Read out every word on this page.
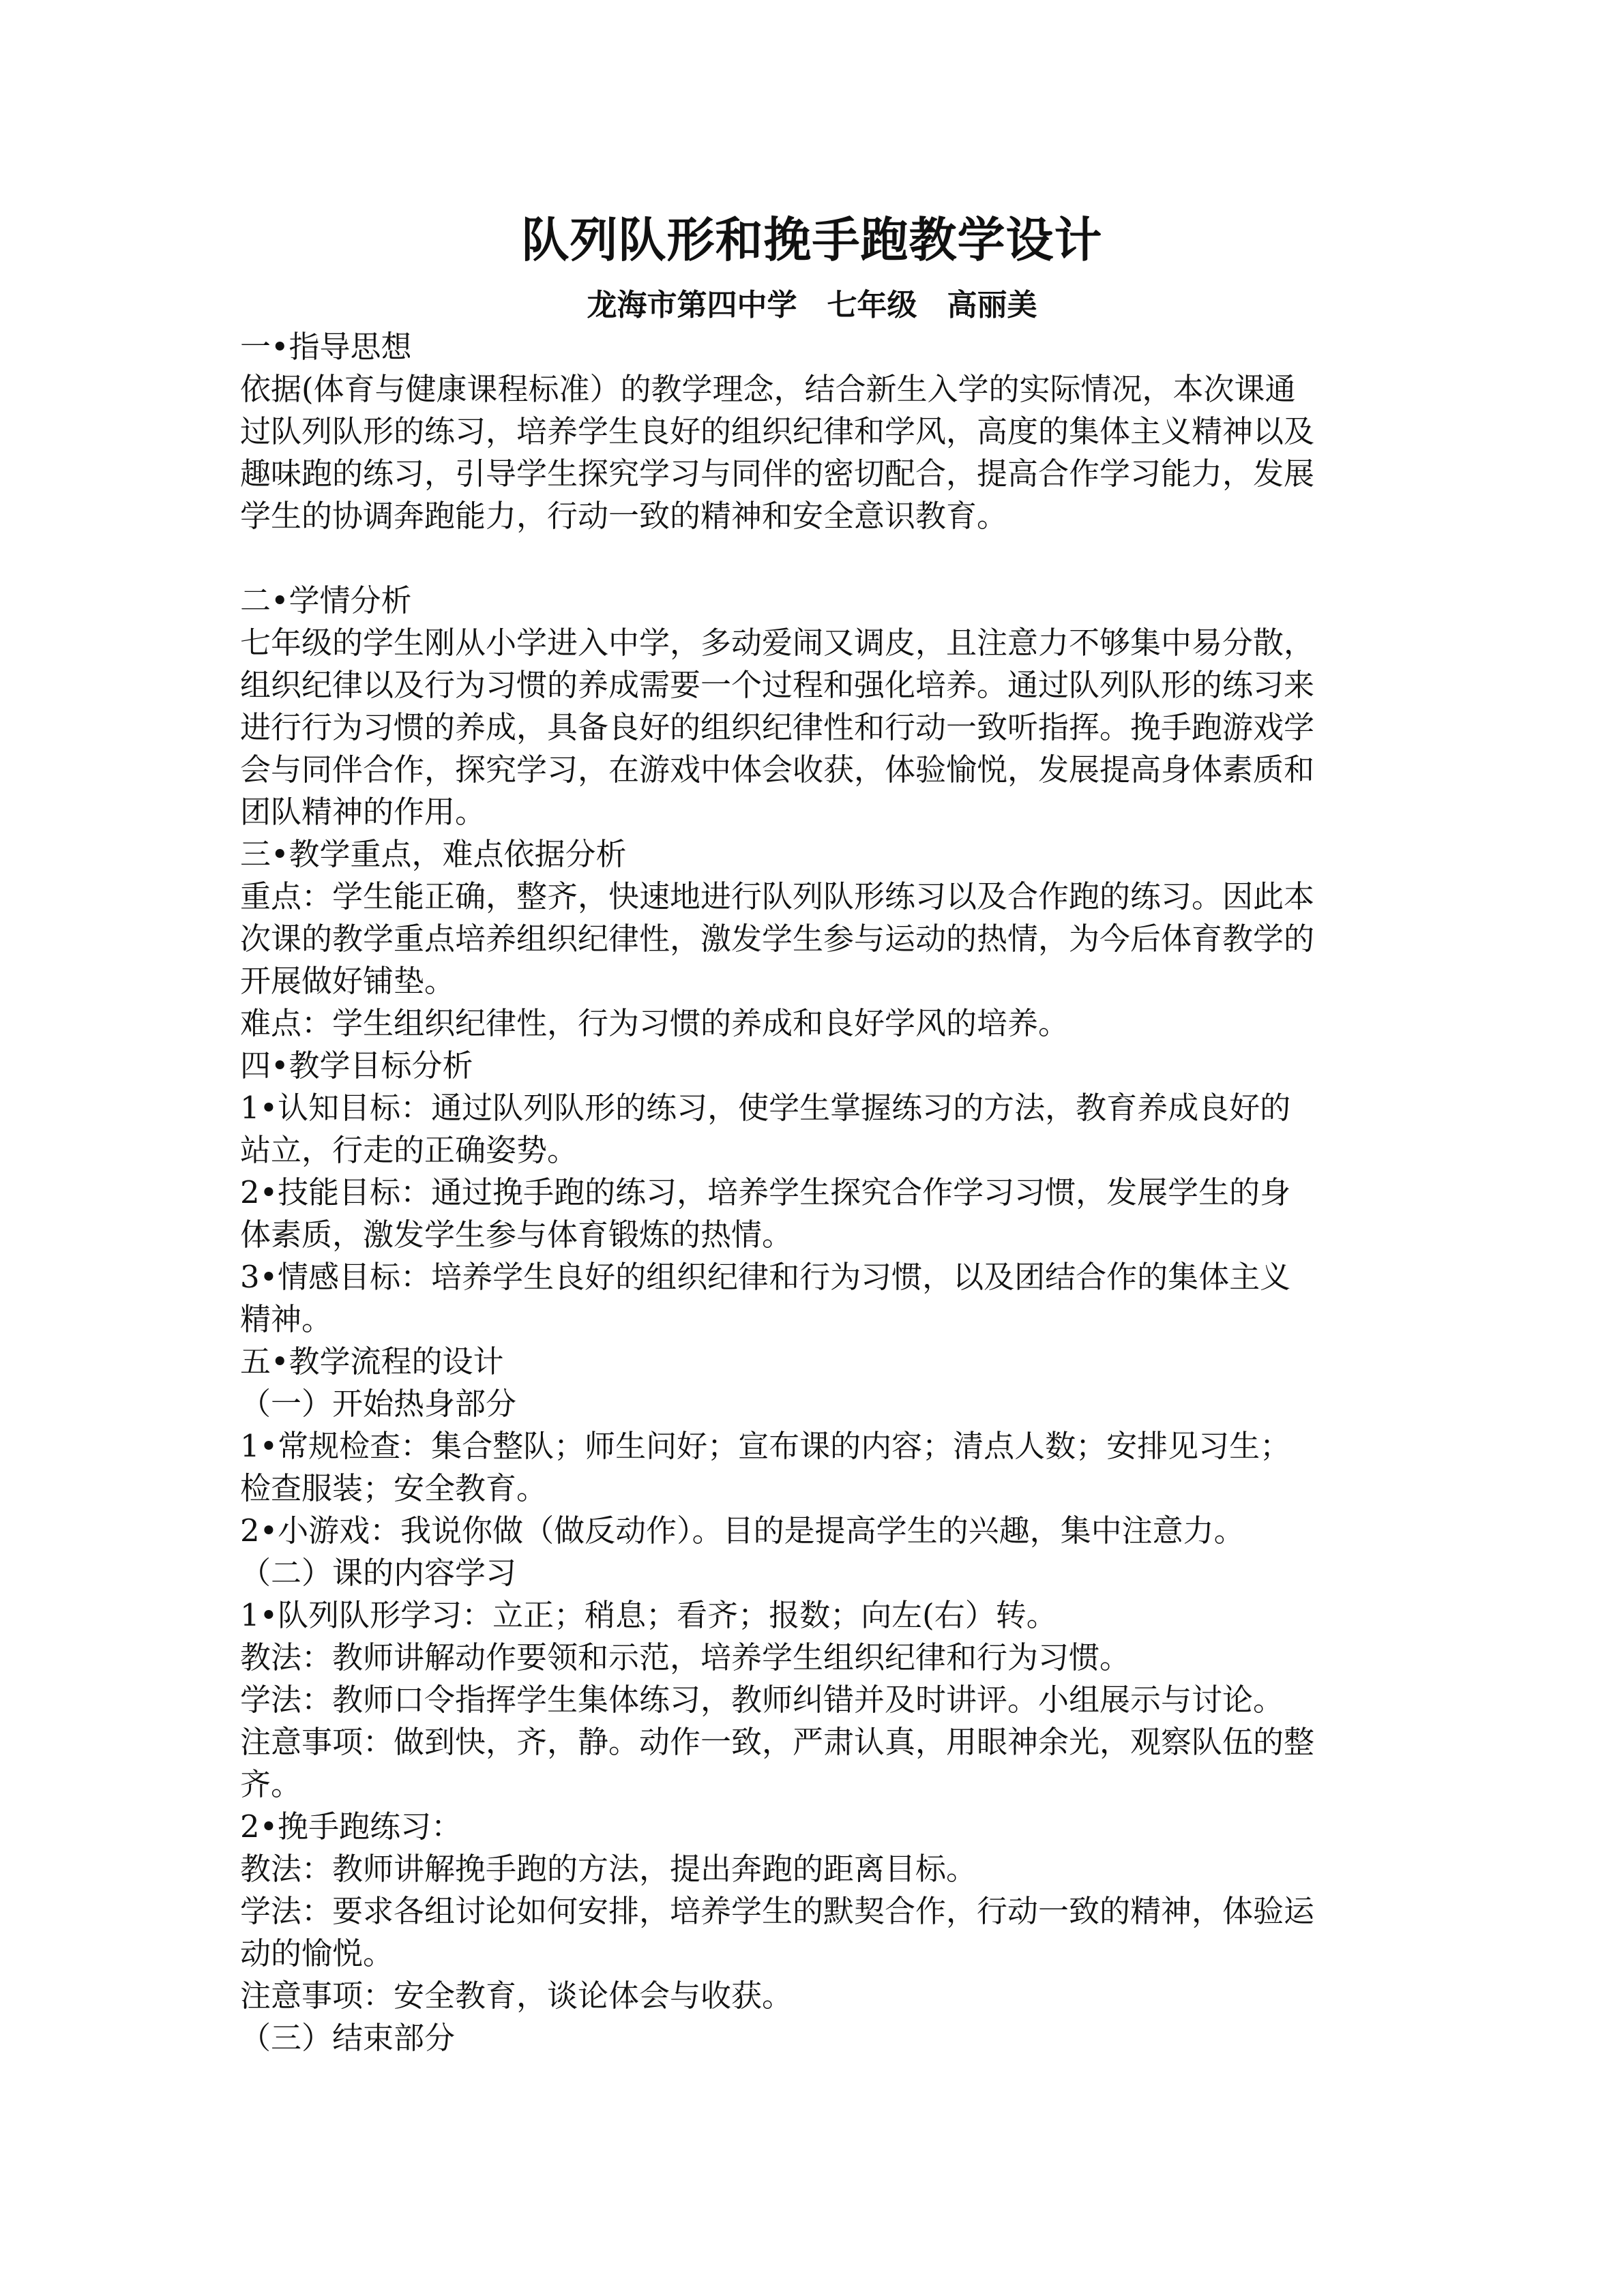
队列队形和挽手跑教学设计
龙海市第四中学　七年级　高丽美
一•指导思想
依据(体育与健康课程标准）的教学理念，结合新生入学的实际情况，本次课通
过队列队形的练习，培养学生良好的组织纪律和学风，高度的集体主义精神以及
趣味跑的练习，引导学生探究学习与同伴的密切配合，提高合作学习能力，发展
学生的协调奔跑能力，行动一致的精神和安全意识教育。
二•学情分析
七年级的学生刚从小学进入中学，多动爱闹又调皮，且注意力不够集中易分散，
组织纪律以及行为习惯的养成需要一个过程和强化培养。通过队列队形的练习来
进行行为习惯的养成，具备良好的组织纪律性和行动一致听指挥。挽手跑游戏学
会与同伴合作，探究学习，在游戏中体会收获，体验愉悦，发展提高身体素质和
团队精神的作用。
三•教学重点，难点依据分析
重点：学生能正确，整齐，快速地进行队列队形练习以及合作跑的练习。因此本
次课的教学重点培养组织纪律性，激发学生参与运动的热情，为今后体育教学的
开展做好铺垫。
难点：学生组织纪律性，行为习惯的养成和良好学风的培养。
四•教学目标分析
1•认知目标：通过队列队形的练习，使学生掌握练习的方法，教育养成良好的
站立，行走的正确姿势。
2•技能目标：通过挽手跑的练习，培养学生探究合作学习习惯，发展学生的身
体素质，激发学生参与体育锻炼的热情。
3•情感目标：培养学生良好的组织纪律和行为习惯，以及团结合作的集体主义
精神。
五•教学流程的设计
（一）开始热身部分
1•常规检查：集合整队；师生问好；宣布课的内容；清点人数；安排见习生；
检查服装；安全教育。
2•小游戏：我说你做（做反动作）。目的是提高学生的兴趣，集中注意力。
（二）课的内容学习
1•队列队形学习：立正；稍息；看齐；报数；向左(右）转。
教法：教师讲解动作要领和示范，培养学生组织纪律和行为习惯。
学法：教师口令指挥学生集体练习，教师纠错并及时讲评。小组展示与讨论。
注意事项：做到快，齐，静。动作一致，严肃认真，用眼神余光，观察队伍的整
齐。
2•挽手跑练习：
教法：教师讲解挽手跑的方法，提出奔跑的距离目标。
学法：要求各组讨论如何安排，培养学生的默契合作，行动一致的精神，体验运
动的愉悦。
注意事项：安全教育，谈论体会与收获。
（三）结束部分
